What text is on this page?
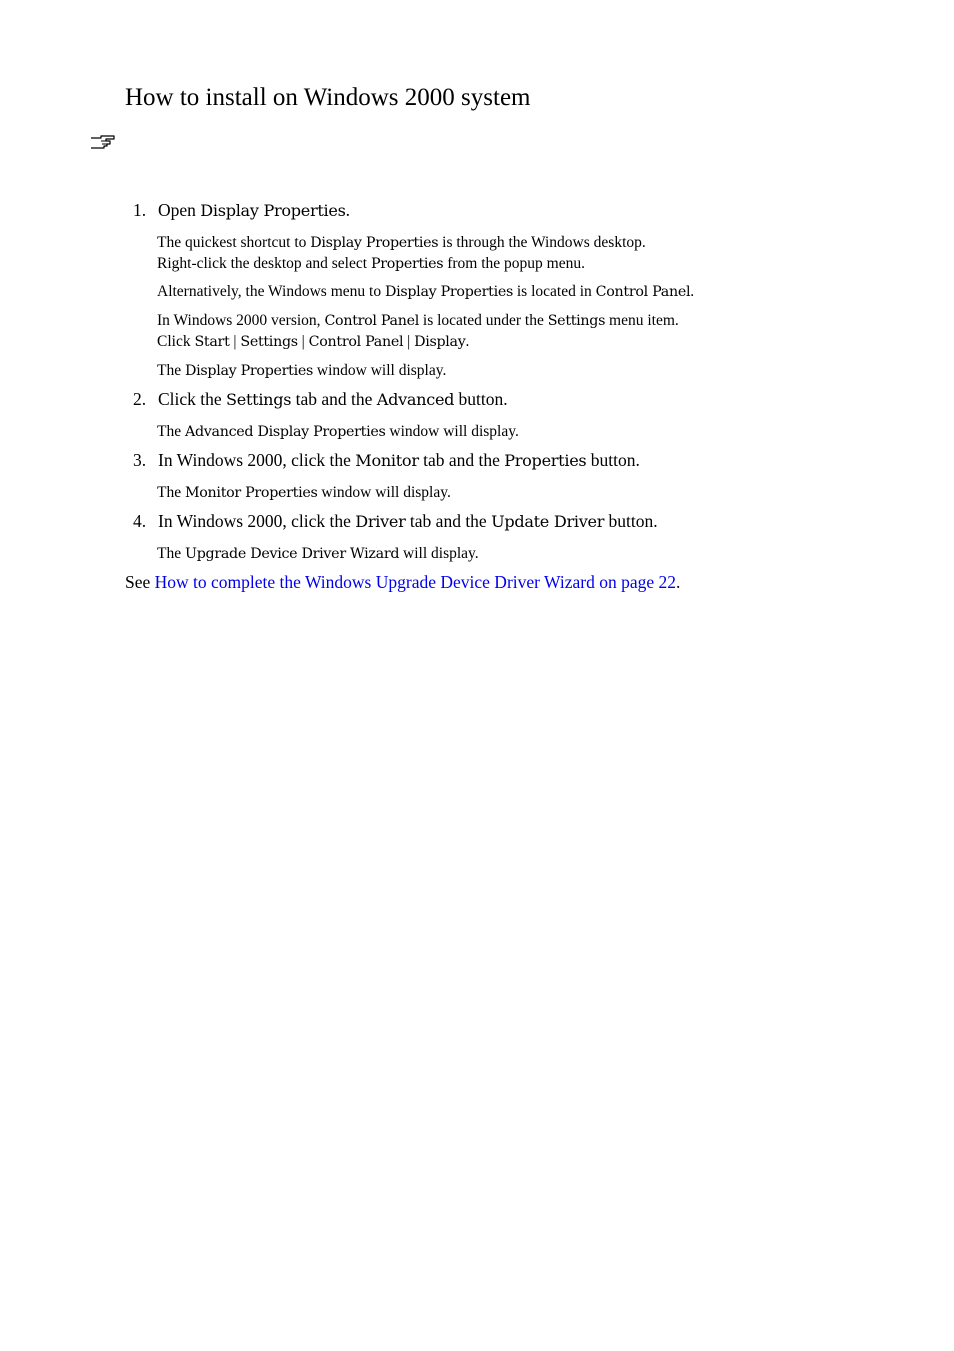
How to install on Windows 2000 system
1. Open Display Properties.
The quickest shortcut to Display Properties is through the Windows desktop.
Right-click the desktop and select Properties from the popup menu.
Alternatively, the Windows menu to Display Properties is located in Control Panel.
In Windows 2000 version, Control Panel is located under the Settings menu item.
Click Start | Settings | Control Panel | Display.
The Display Properties window will display.
2. Click the Settings tab and the Advanced button.
The Advanced Display Properties window will display.
3. In Windows 2000, click the Monitor tab and the Properties button.
The Monitor Properties window will display.
4. In Windows 2000, click the Driver tab and the Update Driver button.
The Upgrade Device Driver Wizard will display.
See How to complete the Windows Upgrade Device Driver Wizard on page 22.
